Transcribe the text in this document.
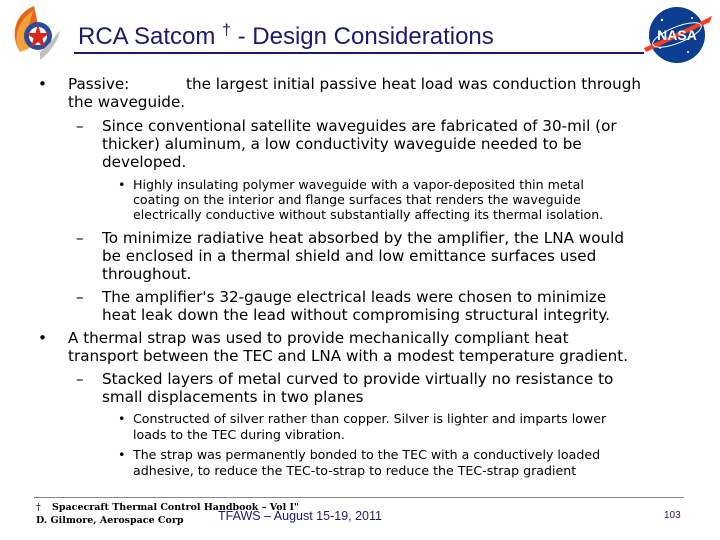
RCA Satcom † - Design Considerations	NASA
• Passive:	the largest initial passive heat load was conduction through
the waveguide.
– Since conventional satellite waveguides are fabricated of 30-mil (or
thicker) aluminum, a low conductivity waveguide needed to be
developed.
• Highly insulating polymer waveguide with a vapor-deposited thin metal
coating on the interior and flange surfaces that renders the waveguide
electrically conductive without substantially affecting its thermal isolation.
– To minimize radiative heat absorbed by the amplifier, the LNA would
be enclosed in a thermal shield and low emittance surfaces used
throughout.
– The amplifier's 32-gauge electrical leads were chosen to minimize
heat leak down the lead without compromising structural integrity.
• A thermal strap was used to provide mechanically compliant heat
transport between the TEC and LNA with a modest temperature gradient.
– Stacked layers of metal curved to provide virtually no resistance to
small displacements in two planes
• Constructed of silver rather than copper. Silver is lighter and imparts lower
loads to the TEC during vibration.
• The strap was permanently bonded to the TEC with a conductively loaded
adhesive, to reduce the TEC-to-strap to reduce the TEC-strap gradient
† Spacecraft Thermal Control Handbook – Vol I"
D. Gilmore, Aerospace Corp	TFAWS – August 15-19, 2011	103
